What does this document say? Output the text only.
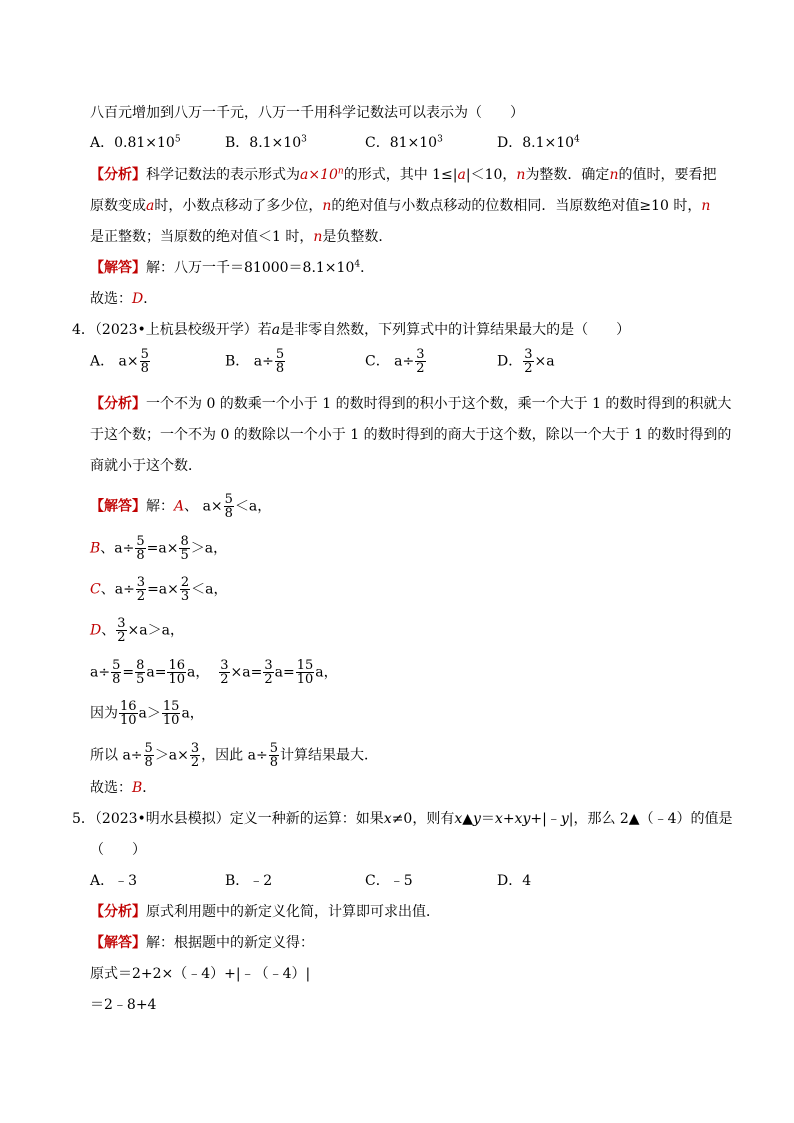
八百元增加到八万一千元，八万一千用科学记数法可以表示为（　　）
A．$0.81\times 10^5$	B．$8.1\times 10^3$	C．$81\times 10^3$	D．$8.1\times 10^4$
【分析】科学记数法的表示形式为$a\times 10^n$的形式，其中 1≤|a|＜10，n为整数．确定n的值时，要看把
原数变成a时，小数点移动了多少位，n的绝对值与小数点移动的位数相同．当原数绝对值≥10 时，n
是正整数；当原数的绝对值＜1 时，n是负整数．
【解答】解：八万一千$=81000=8.1\times 10^4$．
故选：D．
4．（2023•上杭县校级开学）若a是非零自然数，下列算式中的计算结果最大的是（　　）
A． $a\times \frac{5}{8}$	B． $a\div \frac{5}{8}$	C． $a\div \frac{3}{2}$	D． $\frac{3}{2} \times a$
【分析】一个不为 0 的数乘一个小于 1 的数时得到的积小于这个数，乘一个大于 1 的数时得到的积就大
于这个数；一个不为 0 的数除以一个小于 1 的数时得到的商大于这个数，除以一个大于 1 的数时得到的
商就小于这个数．
【解答】解：A、 $a\times \frac{5}{8} <a$，
B、$a\div \frac{5}{8} =a\times \frac{8}{5} >a$，
C、$a\div \frac{3}{2} =a\times \frac{2}{3} <a$，
D、 $\frac{3}{2} \times a>a$，
$a\div \frac{5}{8} = \frac{8}{5} a= \frac{16}{10}$ a， $\frac{3}{2} \times a= \frac{3}{2} a= \frac{15}{10}$ a，
因为 $\frac{16}{10} a> \frac{15}{10}$ a，
所以 $a\div \frac{5}{8} >a\times \frac{3}{2}$ ，因此 $a\div \frac{5}{8}$ 计算结果最大．
故选：B．
5．（2023•明水县模拟）定义一种新的运算：如果x≠0，则有x▲y＝x+xy+|﹣y|，那么 2▲（﹣4）的值是
（　　）
A．﹣3	B．﹣2	C．﹣5	D．4
【分析】原式利用题中的新定义化简，计算即可求出值．
【解答】解：根据题中的新定义得：
原式＝2+2×（﹣4）+|﹣（﹣4）|
＝2﹣8+4
